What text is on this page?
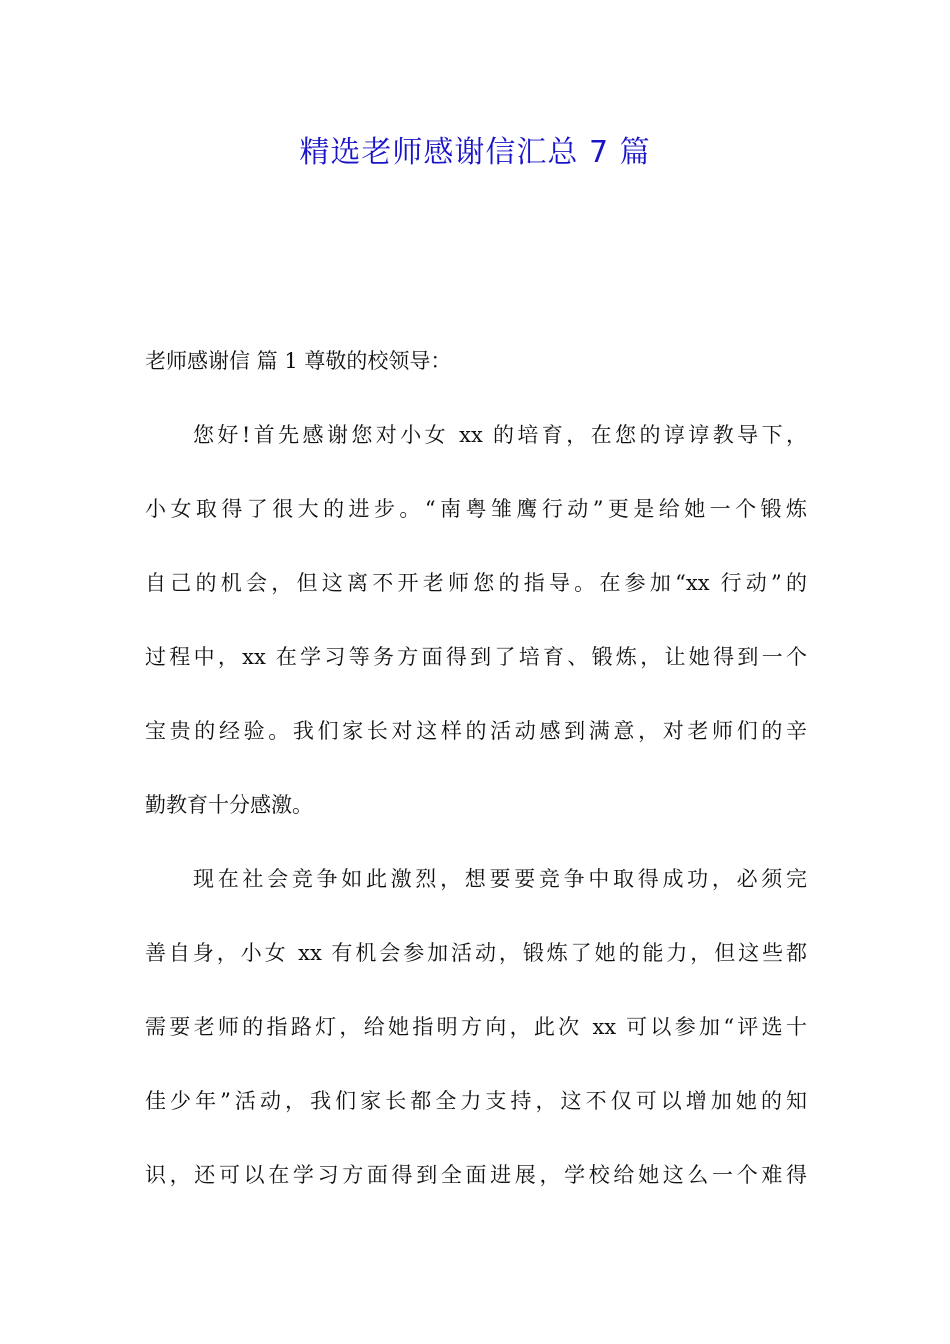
精选老师感谢信汇总 7 篇
老师感谢信 篇 1 尊敬的校领导：
您好!首先感谢您对小女 xx 的培育，在您的谆谆教导下，
小女取得了很大的进步。“南粤雏鹰行动”更是给她一个锻炼
自己的机会，但这离不开老师您的指导。在参加“xx 行动”的
过程中，xx 在学习等务方面得到了培育、锻炼，让她得到一个
宝贵的经验。我们家长对这样的活动感到满意，对老师们的辛
勤教育十分感激。
现在社会竞争如此激烈，想要要竞争中取得成功，必须完
善自身，小女 xx 有机会参加活动，锻炼了她的能力，但这些都
需要老师的指路灯，给她指明方向，此次 xx 可以参加“评选十
佳少年”活动，我们家长都全力支持，这不仅可以增加她的知
识，还可以在学习方面得到全面进展，学校给她这么一个难得
